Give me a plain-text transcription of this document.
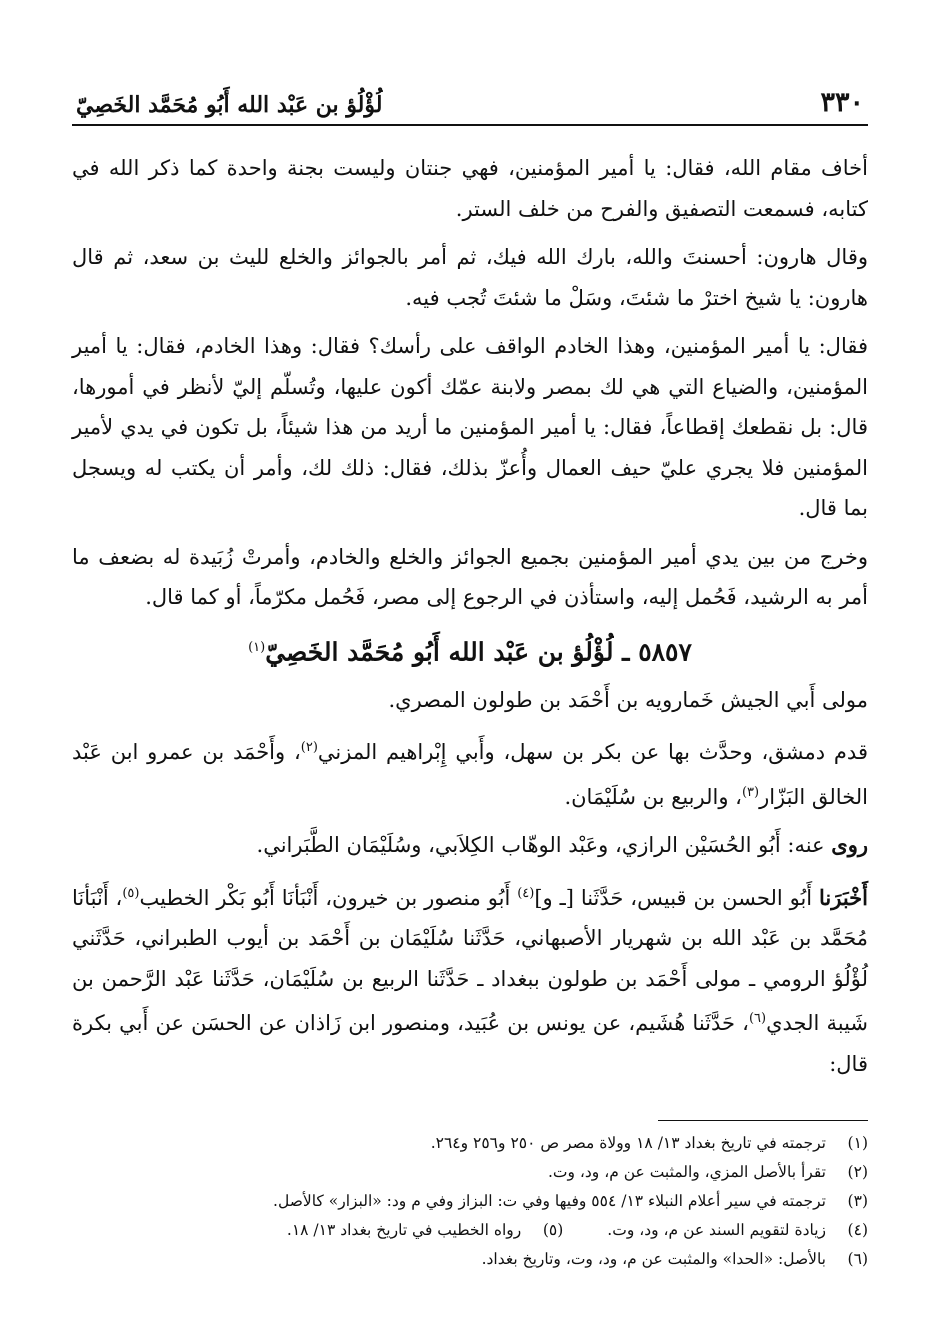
٣٣٠
لُؤْلُؤ بن عَبْد الله أَبُو مُحَمَّد الخَصِيّ

أخاف مقام الله، فقال: يا أمير المؤمنين، فهي جنتان وليست بجنة واحدة كما ذكر الله في كتابه، فسمعت التصفيق والفرح من خلف الستر.

وقال هارون: أحسنتَ والله، بارك الله فيك، ثم أمر بالجوائز والخلع لليث بن سعد، ثم قال هارون: يا شيخ اخترْ ما شئتَ، وسَلْ ما شئتَ تُجب فيه.

فقال: يا أمير المؤمنين، وهذا الخادم الواقف على رأسك؟ فقال: وهذا الخادم، فقال: يا أمير المؤمنين، والضياع التي هي لك بمصر ولابنة عمّك أكون عليها، وتُسلّم إليّ لأنظر في أمورها، قال: بل نقطعك إقطاعاً، فقال: يا أمير المؤمنين ما أريد من هذا شيئاً، بل تكون في يدي لأمير المؤمنين فلا يجري عليّ حيف العمال وأُعزّ بذلك، فقال: ذلك لك، وأمر أن يكتب له ويسجل بما قال.

وخرج من بين يدي أمير المؤمنين بجميع الجوائز والخلع والخادم، وأمرتْ زُبَيدة له بضعف ما أمر به الرشيد، فَحُمل إليه، واستأذن في الرجوع إلى مصر، فَحُمل مكرّماً، أو كما قال.

٥٨٥٧ ـ لُؤْلُؤ بن عَبْد الله أَبُو مُحَمَّد الخَصِيّ$^{(١)}$

مولى أَبي الجيش خَمارويه بن أَحْمَد بن طولون المصري.

قدم دمشق، وحدَّث بها عن بكر بن سهل، وأَبي إِبْراهيم المزني$^{(٢)}$، وأَحْمَد بن عمرو ابن عَبْد الخالق البَزّار$^{(٣)}$، والربيع بن سُلَيْمَان.

روى عنه: أَبُو الحُسَيْن الرازي، وعَبْد الوهّاب الكِلاَبي، وسُلَيْمَان الطَّبَراني.

أَخْبَرَنا أَبُو الحسن بن قبيس، حَدَّثَنا [ـ و]$^{(٤)}$ أَبُو منصور بن خيرون، أَنْبَأنَا أَبُو بَكْر الخطيب$^{(٥)}$، أَنْبَأنَا مُحَمَّد بن عَبْد الله بن شهريار الأصبهاني، حَدَّثَنا سُلَيْمَان بن أَحْمَد بن أيوب الطبراني، حَدَّثَني لُؤْلُؤ الرومي ـ مولى أَحْمَد بن طولون ببغداد ـ حَدَّثَنا الربيع بن سُلَيْمَان، حَدَّثَنا عَبْد الرَّحمن بن شَيبة الجدي$^{(٦)}$، حَدَّثَنا هُشَيم، عن يونس بن عُبَيد، ومنصور ابن زَاذان عن الحسَن عن أَبي بكرة قال:

(١)
ترجمته في تاريخ بغداد ١٣/ ١٨ وولاة مصر ص ٢٥٠ و٢٥٦ و٢٦٤.
(٢)
تقرأ بالأصل المزي، والمثبت عن م، ود، وت.
(٣)
ترجمته في سير أعلام النبلاء ١٣/ ٥٥٤ وفيها وفي ت: البزاز وفي م ود: «البزار» كالأصل.
(٤)
زيادة لتقويم السند عن م، ود، وت.
(٥)
رواه الخطيب في تاريخ بغداد ١٣/ ١٨.
(٦)
بالأصل: «الحدا» والمثبت عن م، ود، وت، وتاريخ بغداد.
